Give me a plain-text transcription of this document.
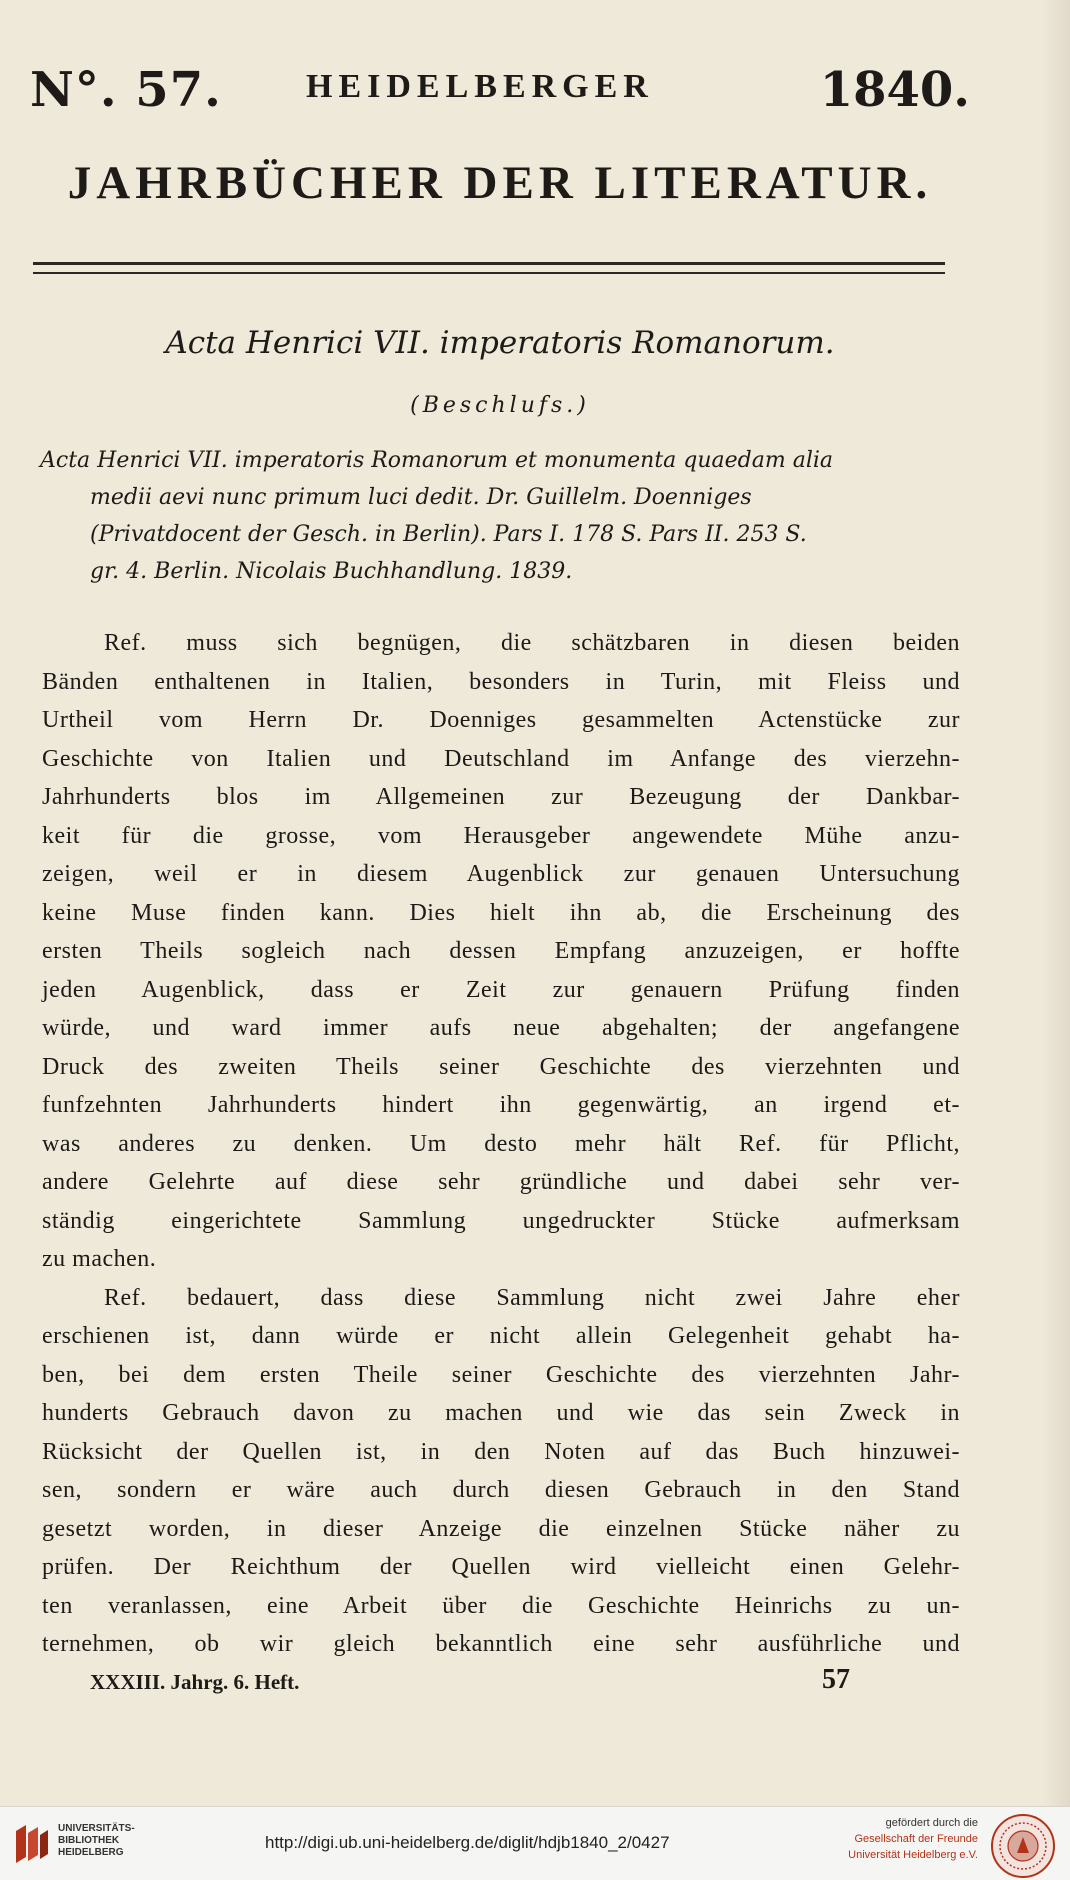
N°. 57. HEIDELBERGER	1840.
JAHRBÜCHER DER LITERATUR.
Acta Henrici VII. imperatoris Romanorum.
(Beschlufs.)
Acta Henrici VII. imperatoris Romanorum et monumenta quaedam alia
medii aevi nunc primum luci dedit. Dr. Guillelm. Doenniges
(Privatdocent der Gesch. in Berlin). Pars I. 178 S. Pars II. 253 S.
gr. 4. Berlin. Nicolais Buchhandlung. 1839.
Ref. muss sich begnügen, die schätzbaren in diesen beiden
Bänden enthaltenen in Italien, besonders in Turin, mit Fleiss und
Urtheil vom Herrn Dr. Doenniges gesammelten Actenstücke zur
Geschichte von Italien und Deutschland im Anfange des vierzehn-
Jahrhunderts blos im Allgemeinen zur Bezeugung der Dankbar-
keit für die grosse, vom Herausgeber angewendete Mühe anzu-
zeigen, weil er in diesem Augenblick zur genauen Untersuchung
keine Muse finden kann. Dies hielt ihn ab, die Erscheinung des
ersten Theils sogleich nach dessen Empfang anzuzeigen, er hoffte
jeden Augenblick, dass er Zeit zur genauern Prüfung finden
würde, und ward immer aufs neue abgehalten; der angefangene
Druck des zweiten Theils seiner Geschichte des vierzehnten und
funfzehnten Jahrhunderts hindert ihn gegenwärtig, an irgend et-
was anderes zu denken. Um desto mehr hält Ref. für Pflicht,
andere Gelehrte auf diese sehr gründliche und dabei sehr ver-
ständig eingerichtete Sammlung ungedruckter Stücke aufmerksam
zu machen.
Ref. bedauert, dass diese Sammlung nicht zwei Jahre eher
erschienen ist, dann würde er nicht allein Gelegenheit gehabt ha-
ben, bei dem ersten Theile seiner Geschichte des vierzehnten Jahr-
hunderts Gebrauch davon zu machen und wie das sein Zweck in
Rücksicht der Quellen ist, in den Noten auf das Buch hinzuwei-
sen, sondern er wäre auch durch diesen Gebrauch in den Stand
gesetzt worden, in dieser Anzeige die einzelnen Stücke näher zu
prüfen. Der Reichthum der Quellen wird vielleicht einen Gelehr-
ten veranlassen, eine Arbeit über die Geschichte Heinrichs zu un-
ternehmen, ob wir gleich bekanntlich eine sehr ausführliche und
XXXIII. Jahrg. 6. Heft.	57
UNIVERSITÄTS-
BIBLIOTHEK
HEIDELBERG
http://digi.ub.uni-heidelberg.de/diglit/hdjb1840_2/0427
gefördert durch die
Gesellschaft der Freunde
Universität Heidelberg e.V.
